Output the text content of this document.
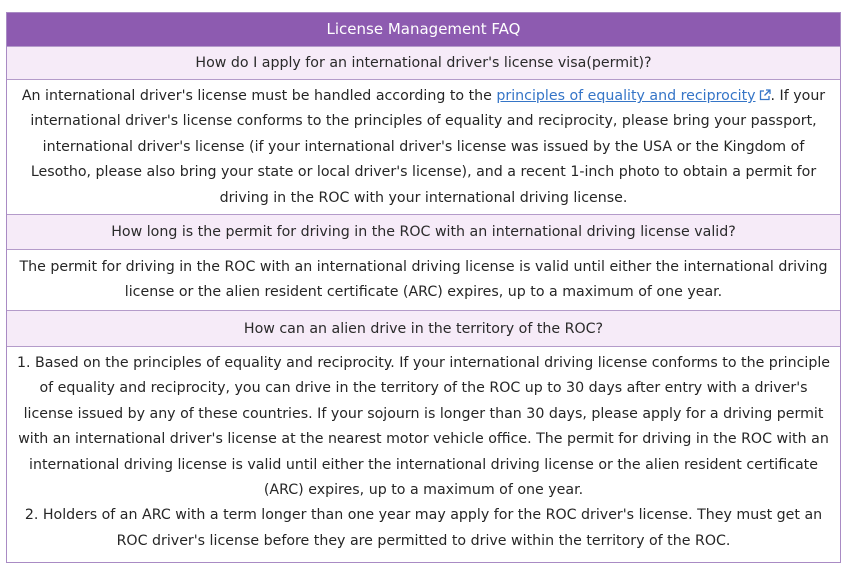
License Management FAQ
How do I apply for an international driver's license visa(permit)?
An international driver's license must be handled according to the principles of equality and reciprocity . If your international driver's license conforms to the principles of equality and reciprocity, please bring your passport, international driver's license (if your international driver's license was issued by the USA or the Kingdom of Lesotho, please also bring your state or local driver's license), and a recent 1-inch photo to obtain a permit for driving in the ROC with your international driving license.
How long is the permit for driving in the ROC with an international driving license valid?
The permit for driving in the ROC with an international driving license is valid until either the international driving license or the alien resident certificate (ARC) expires, up to a maximum of one year.
How can an alien drive in the territory of the ROC?

1. Based on the principles of equality and reciprocity. If your international driving license conforms to the principle of equality and reciprocity, you can drive in the territory of the ROC up to 30 days after entry with a driver's license issued by any of these countries. If your sojourn is longer than 30 days, please apply for a driving permit with an international driver's license at the nearest motor vehicle office. The permit for driving in the ROC with an international driving license is valid until either the international driving license or the alien resident certificate (ARC) expires, up to a maximum of one year.
2. Holders of an ARC with a term longer than one year may apply for the ROC driver's license. They must get an ROC driver's license before they are permitted to drive within the territory of the ROC.
